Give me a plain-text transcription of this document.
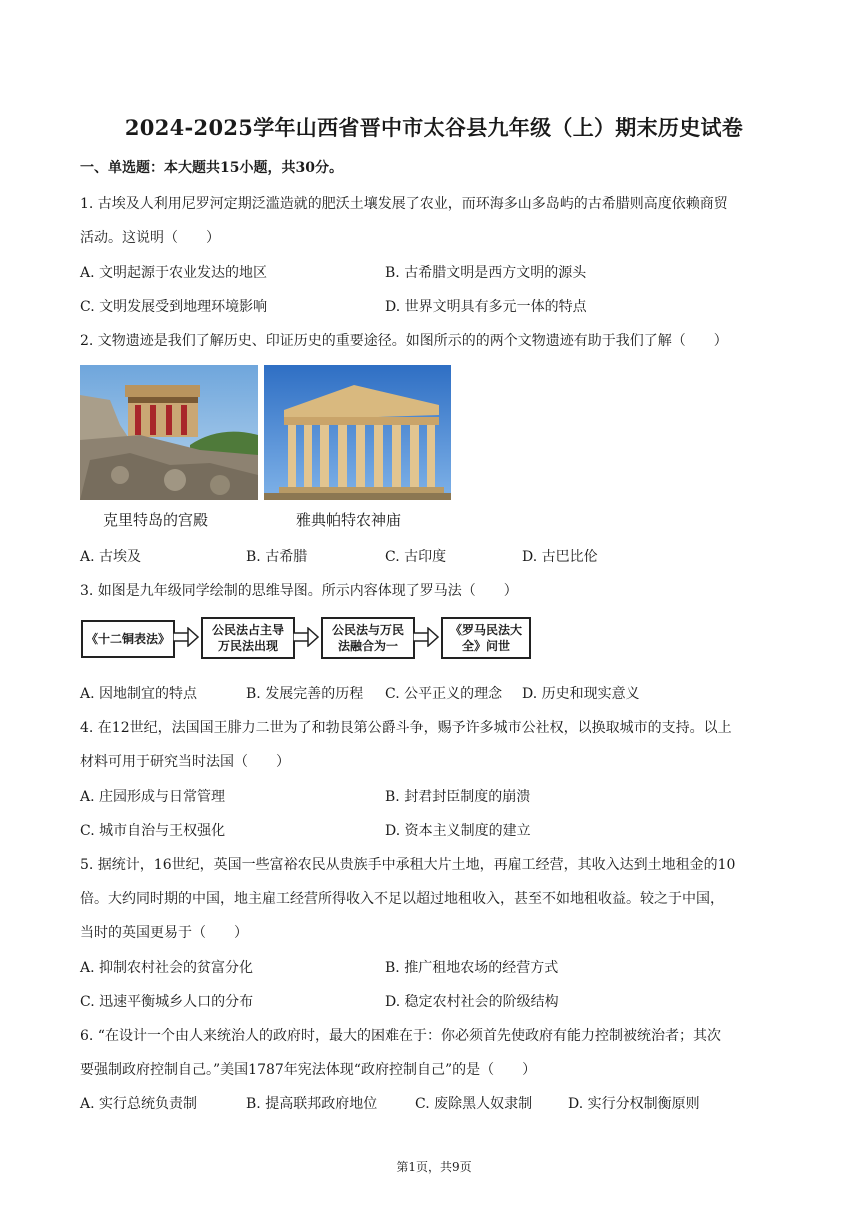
2024-2025学年山西省晋中市太谷县九年级（上）期末历史试卷
一、单选题：本大题共15小题，共30分。
1. 古埃及人利用尼罗河定期泛滥造就的肥沃土壤发展了农业，而环海多山多岛屿的古希腊则高度依赖商贸
活动。这说明（　　）
A. 文明起源于农业发达的地区	B. 古希腊文明是西方文明的源头
C. 文明发展受到地理环境影响	D. 世界文明具有多元一体的特点
2. 文物遗迹是我们了解历史、印证历史的重要途径。如图所示的的两个文物遗迹有助于我们了解（　　）
克里特岛的宫殿	雅典帕特农神庙
A. 古埃及	B. 古希腊	C. 古印度	D. 古巴比伦
3. 如图是九年级同学绘制的思维导图。所示内容体现了罗马法（　　）
《十二铜表法》
公民法占主导
万民法出现
公民法与万民
法融合为一
《罗马民法大
全》问世
A. 因地制宜的特点	B. 发展完善的历程 C. 公平正义的理念 D. 历史和现实意义
4. 在12世纪，法国国王腓力二世为了和勃艮第公爵斗争，赐予许多城市公社权，以换取城市的支持。以上
材料可用于研究当时法国（　　）
A. 庄园形成与日常管理	B. 封君封臣制度的崩溃
C. 城市自治与王权强化	D. 资本主义制度的建立
5. 据统计，16世纪，英国一些富裕农民从贵族手中承租大片土地，再雇工经营，其收入达到土地租金的10
倍。大约同时期的中国，地主雇工经营所得收入不足以超过地租收入，甚至不如地租收益。较之于中国，
当时的英国更易于（　　）
A. 抑制农村社会的贫富分化	B. 推广租地农场的经营方式
C. 迅速平衡城乡人口的分布	D. 稳定农村社会的阶级结构
6. “在设计一个由人来统治人的政府时，最大的困难在于：你必须首先使政府有能力控制被统治者；其次
要强制政府控制自己。”美国1787年宪法体现“政府控制自己”的是（　　）
A. 实行总统负责制	B. 提高联邦政府地位	C. 废除黑人奴隶制	D. 实行分权制衡原则
第1页，共9页
